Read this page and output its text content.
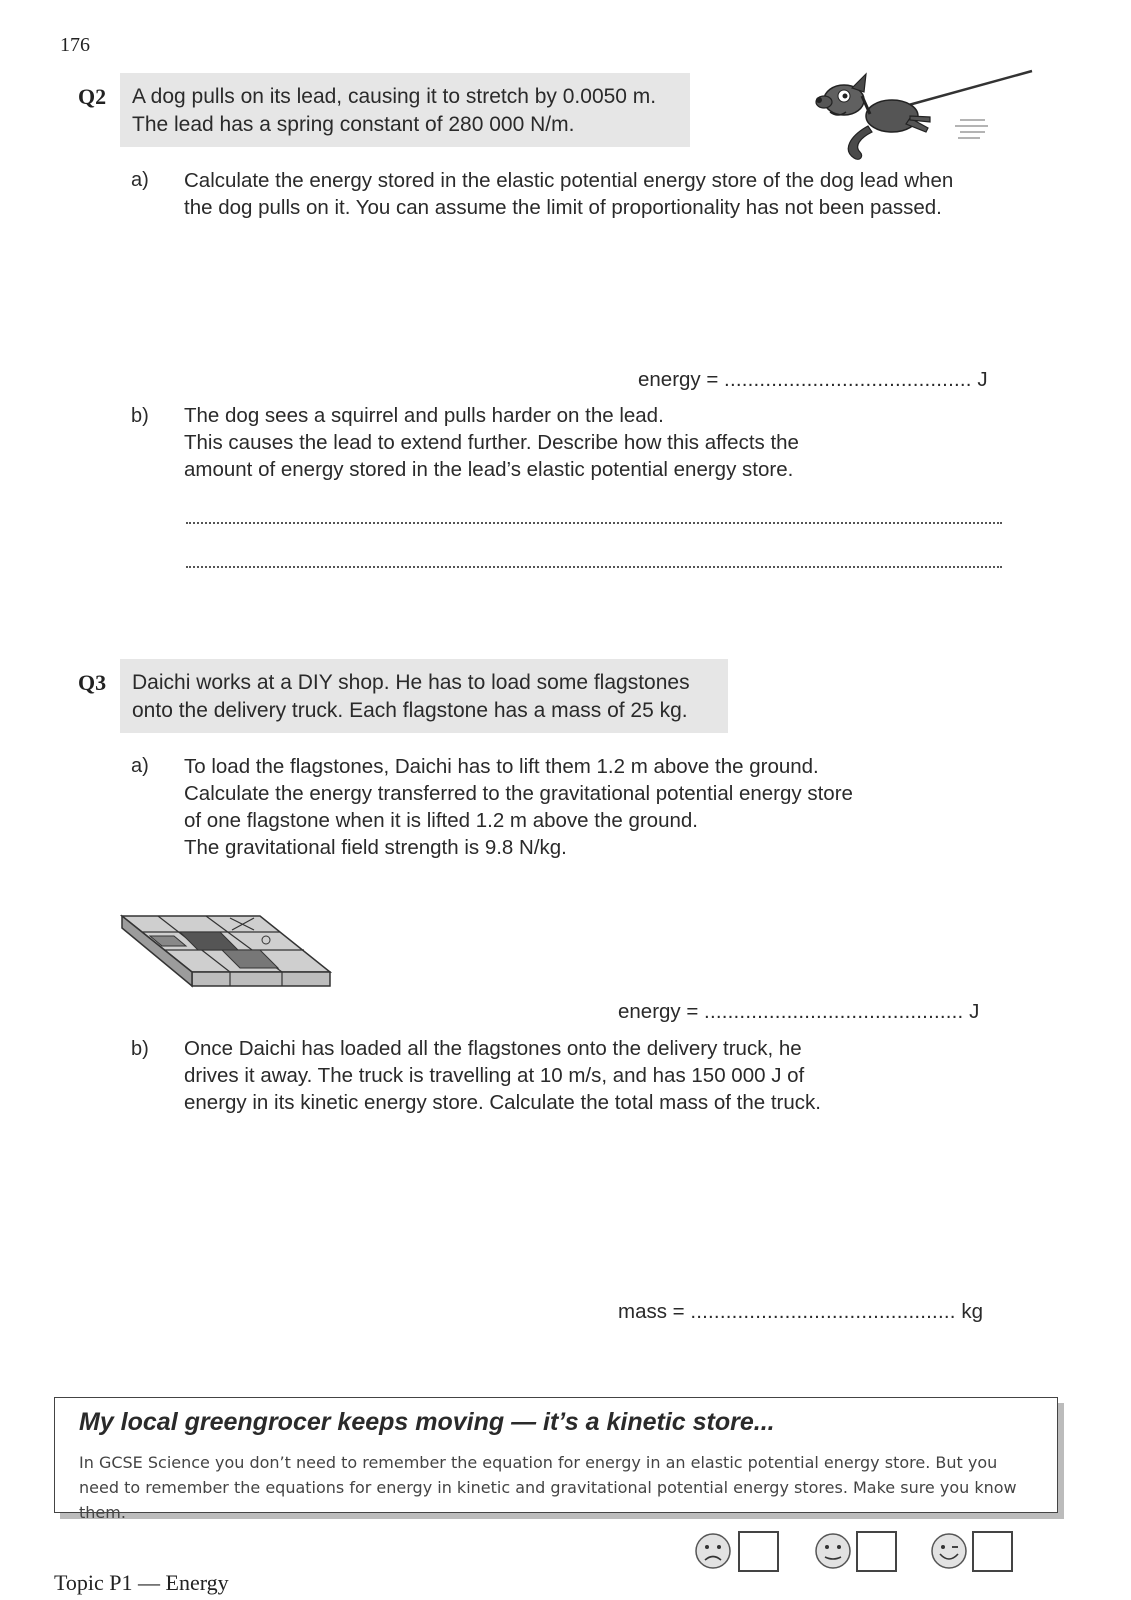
176
Q2 A dog pulls on its lead, causing it to stretch by 0.0050 m.
The lead has a spring constant of 280 000 N/m.
a) Calculate the energy stored in the elastic potential energy store of the dog lead when
the dog pulls on it. You can assume the limit of proportionality has not been passed.
energy = .......................................... J
b) The dog sees a squirrel and pulls harder on the lead.
This causes the lead to extend further. Describe how this affects the
amount of energy stored in the lead’s elastic potential energy store.
Q3 Daichi works at a DIY shop. He has to load some flagstones
onto the delivery truck. Each flagstone has a mass of 25 kg.
a) To load the flagstones, Daichi has to lift them 1.2 m above the ground.
Calculate the energy transferred to the gravitational potential energy store
of one flagstone when it is lifted 1.2 m above the ground.
The gravitational field strength is 9.8 N/kg.
energy = ............................................ J
b) Once Daichi has loaded all the flagstones onto the delivery truck, he
drives it away. The truck is travelling at 10 m/s, and has 150 000 J of
energy in its kinetic energy store. Calculate the total mass of the truck.
mass = ............................................. kg
My local greengrocer keeps moving — it’s a kinetic store...
In GCSE Science you don’t need to remember the equation for energy in an elastic potential energy store. But you need to remember the equations for energy in kinetic and gravitational potential energy stores. Make sure you know them.
Topic P1 — Energy
